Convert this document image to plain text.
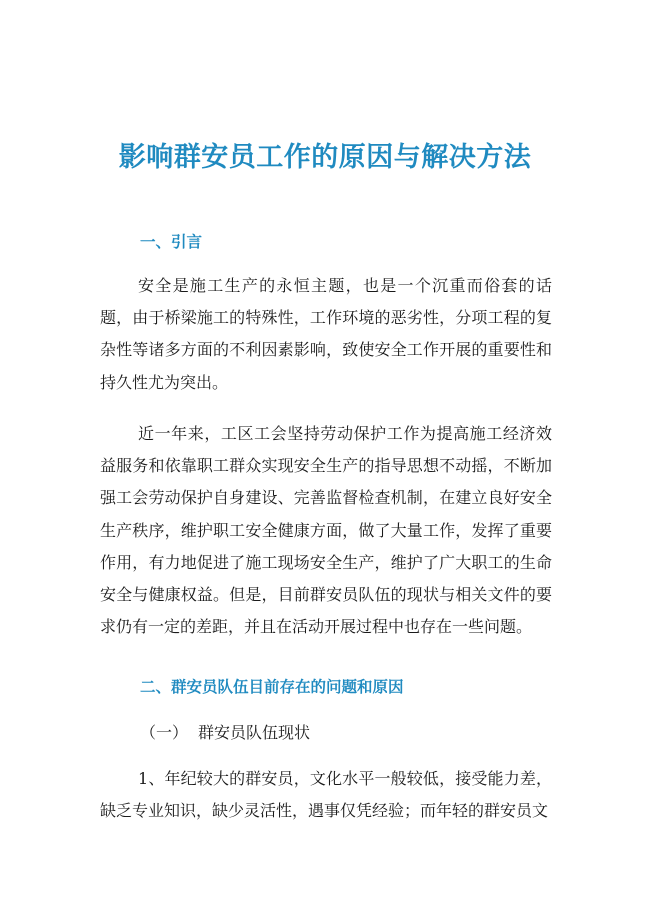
影响群安员工作的原因与解决方法
一、引言

安全是施工生产的永恒主题，也是一个沉重而俗套的话题，由于桥梁施工的特殊性，工作环境的恶劣性，分项工程的复杂性等诸多方面的不利因素影响，致使安全工作开展的重要性和持久性尤为突出。

近一年来，工区工会坚持劳动保护工作为提高施工经济效益服务和依靠职工群众实现安全生产的指导思想不动摇，不断加强工会劳动保护自身建设、完善监督检查机制，在建立良好安全生产秩序，维护职工安全健康方面，做了大量工作，发挥了重要作用，有力地促进了施工现场安全生产，维护了广大职工的生命安全与健康权益。但是，目前群安员队伍的现状与相关文件的要求仍有一定的差距，并且在活动开展过程中也存在一些问题。

二、群安员队伍目前存在的问题和原因

（一） 群安员队伍现状

1、年纪较大的群安员，文化水平一般较低，接受能力差，缺乏专业知识，缺少灵活性，遇事仅凭经验；而年轻的群安员文
